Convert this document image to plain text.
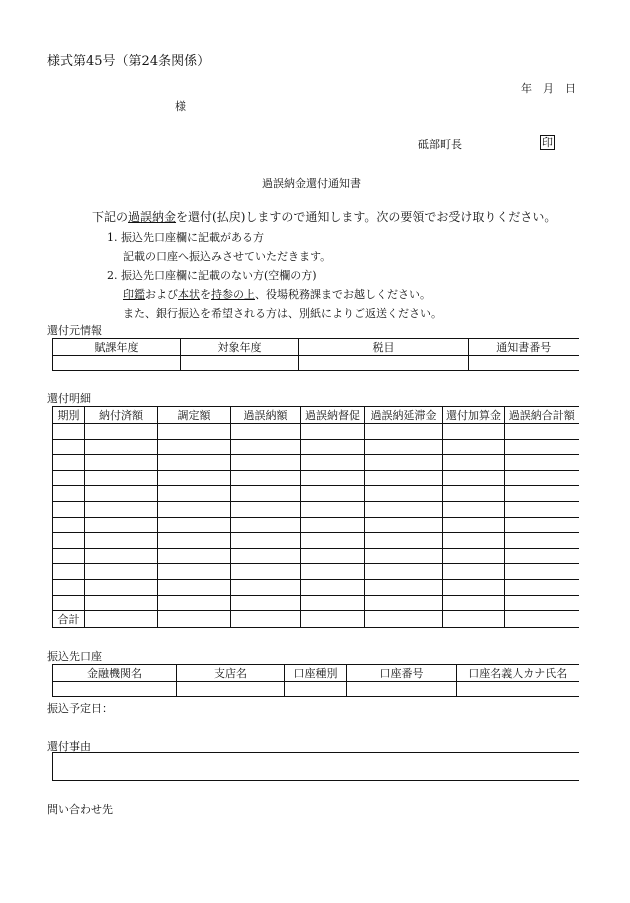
様式第45号（第24条関係）
年　月　日
様
砥部町長	印
過誤納金還付通知書
下記の過誤納金を還付(払戻)しますので通知します。次の要領でお受け取りください。
1. 振込先口座欄に記載がある方
記載の口座へ振込みさせていただきます。
2. 振込先口座欄に記載のない方(空欄の方)
印鑑および本状を持参の上、役場税務課までお越しください。
また、銀行振込を希望される方は、別紙によりご返送ください。
還付元情報
賦課年度	対象年度	税目	通知書番号

還付明細
期別	納付済額	調定額	過誤納額	過誤納督促	過誤納延滞金	還付加算金	過誤納合計額

合計							
振込先口座
金融機関名	支店名	口座種別	口座番号	口座名義人カナ氏名

振込予定日：
還付事由
問い合わせ先
